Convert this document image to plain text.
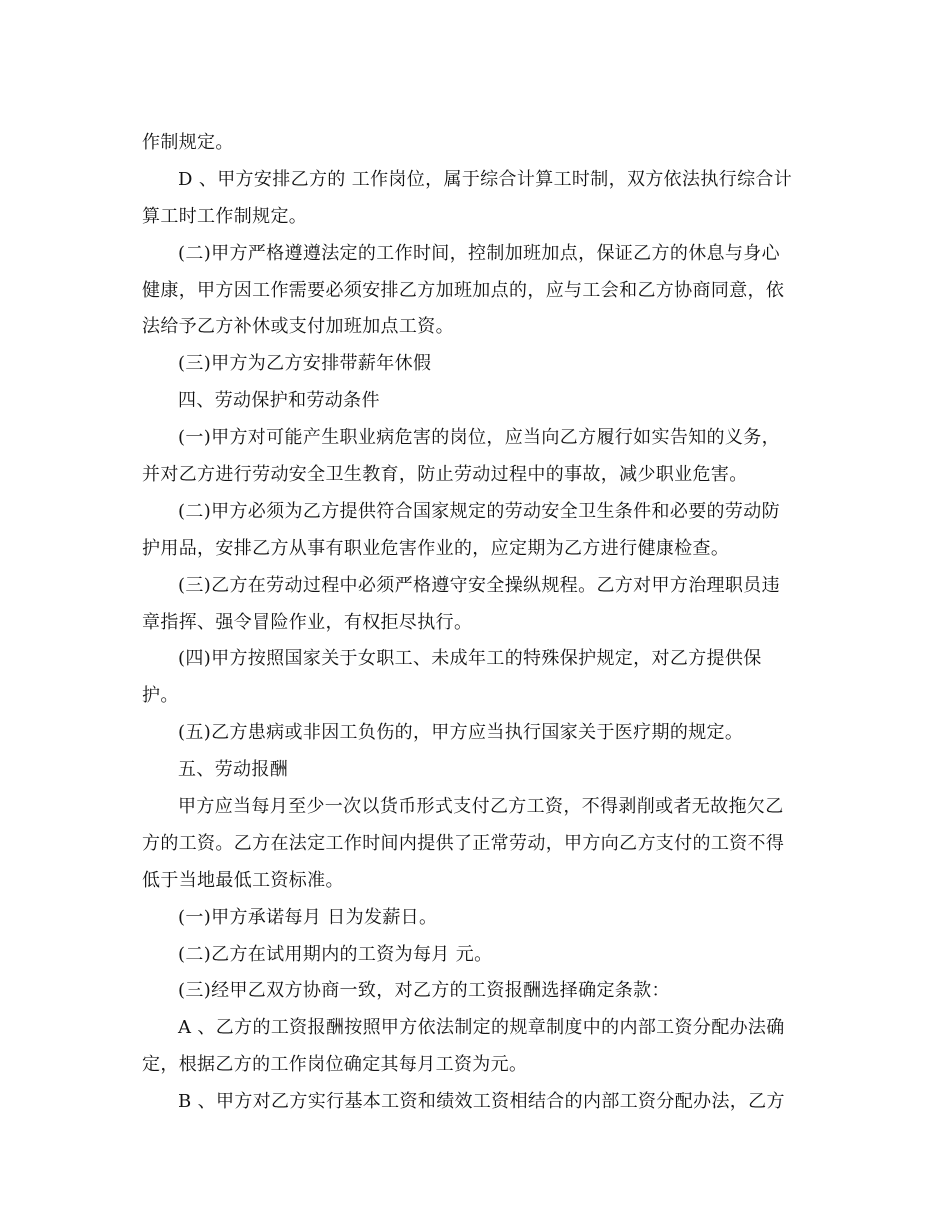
作制规定。
D 、甲方安排乙方的 工作岗位，属于综合计算工时制，双方依法执行综合计
算工时工作制规定。
(二)甲方严格遵遵法定的工作时间，控制加班加点，保证乙方的休息与身心
健康，甲方因工作需要必须安排乙方加班加点的，应与工会和乙方协商同意，依
法给予乙方补休或支付加班加点工资。
(三)甲方为乙方安排带薪年休假
四、劳动保护和劳动条件
(一)甲方对可能产生职业病危害的岗位，应当向乙方履行如实告知的义务，
并对乙方进行劳动安全卫生教育，防止劳动过程中的事故，减少职业危害。
(二)甲方必须为乙方提供符合国家规定的劳动安全卫生条件和必要的劳动防
护用品，安排乙方从事有职业危害作业的，应定期为乙方进行健康检查。
(三)乙方在劳动过程中必须严格遵守安全操纵规程。乙方对甲方治理职员违
章指挥、强令冒险作业，有权拒尽执行。
(四)甲方按照国家关于女职工、未成年工的特殊保护规定，对乙方提供保
护。
(五)乙方患病或非因工负伤的，甲方应当执行国家关于医疗期的规定。
五、劳动报酬
甲方应当每月至少一次以货币形式支付乙方工资，不得剥削或者无故拖欠乙
方的工资。乙方在法定工作时间内提供了正常劳动，甲方向乙方支付的工资不得
低于当地最低工资标准。
(一)甲方承诺每月 日为发薪日。
(二)乙方在试用期内的工资为每月 元。
(三)经甲乙双方协商一致，对乙方的工资报酬选择确定条款：
A 、乙方的工资报酬按照甲方依法制定的规章制度中的内部工资分配办法确
定，根据乙方的工作岗位确定其每月工资为元。
B 、甲方对乙方实行基本工资和绩效工资相结合的内部工资分配办法，乙方
